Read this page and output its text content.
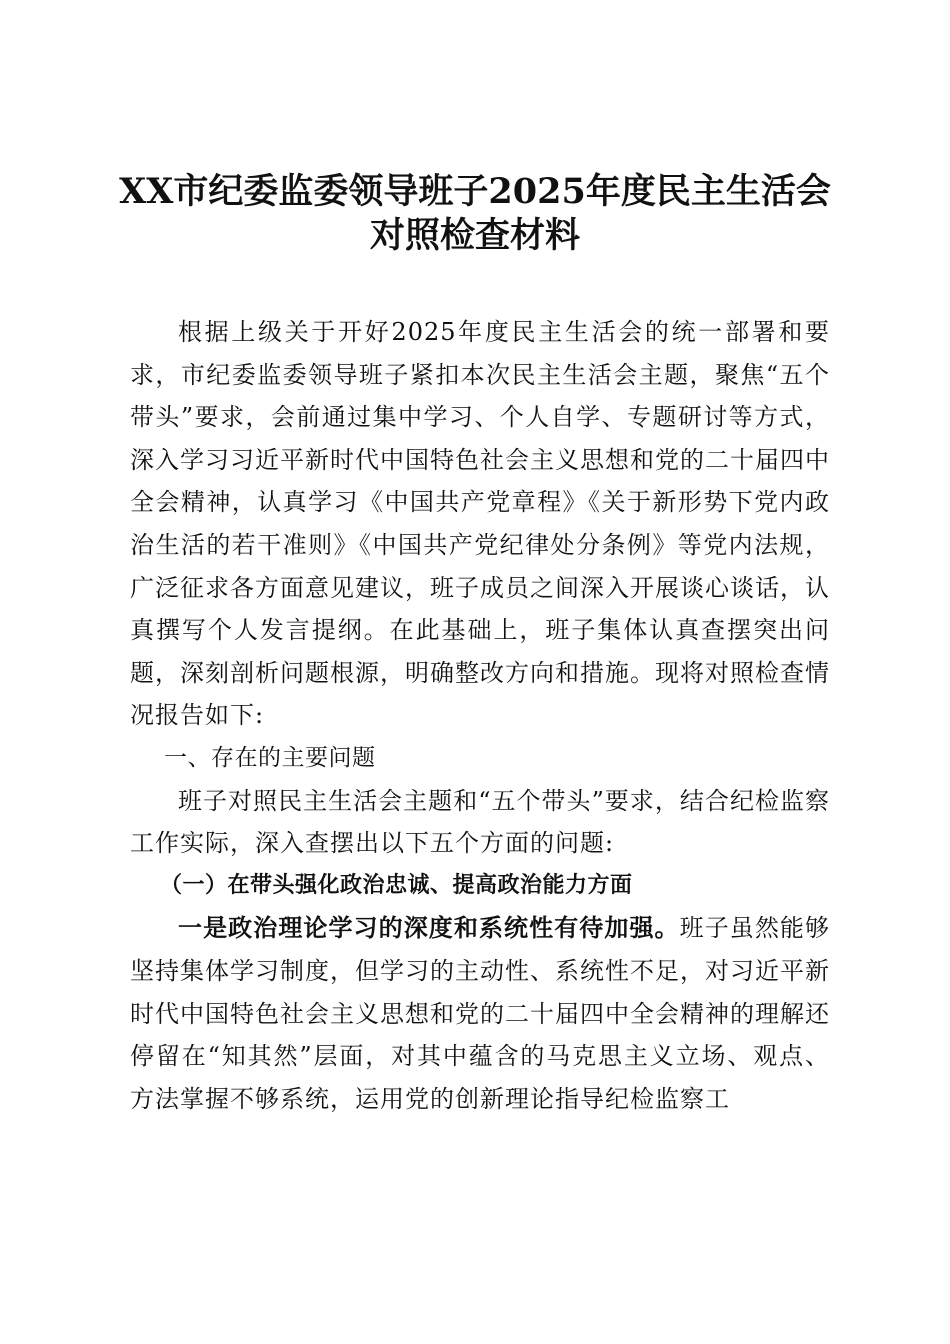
XX市纪委监委领导班子2025年度民主生活会
对照检查材料

根据上级关于开好2025年度民主生活会的统一部署和要求，市纪委监委领导班子紧扣本次民主生活会主题，聚焦“五个带头”要求，会前通过集中学习、个人自学、专题研讨等方式，深入学习习近平新时代中国特色社会主义思想和党的二十届四中全会精神，认真学习《中国共产党章程》《关于新形势下党内政治生活的若干准则》《中国共产党纪律处分条例》等党内法规，广泛征求各方面意见建议，班子成员之间深入开展谈心谈话，认真撰写个人发言提纲。在此基础上，班子集体认真查摆突出问题，深刻剖析问题根源，明确整改方向和措施。现将对照检查情况报告如下:

一、存在的主要问题

班子对照民主生活会主题和“五个带头”要求，结合纪检监察工作实际，深入查摆出以下五个方面的问题:

（一）在带头强化政治忠诚、提高政治能力方面

一是政治理论学习的深度和系统性有待加强。班子虽然能够坚持集体学习制度，但学习的主动性、系统性不足，对习近平新时代中国特色社会主义思想和党的二十届四中全会精神的理解还停留在“知其然”层面，对其中蕴含的马克思主义立场、观点、方法掌握不够系统，运用党的创新理论指导纪检监察工
